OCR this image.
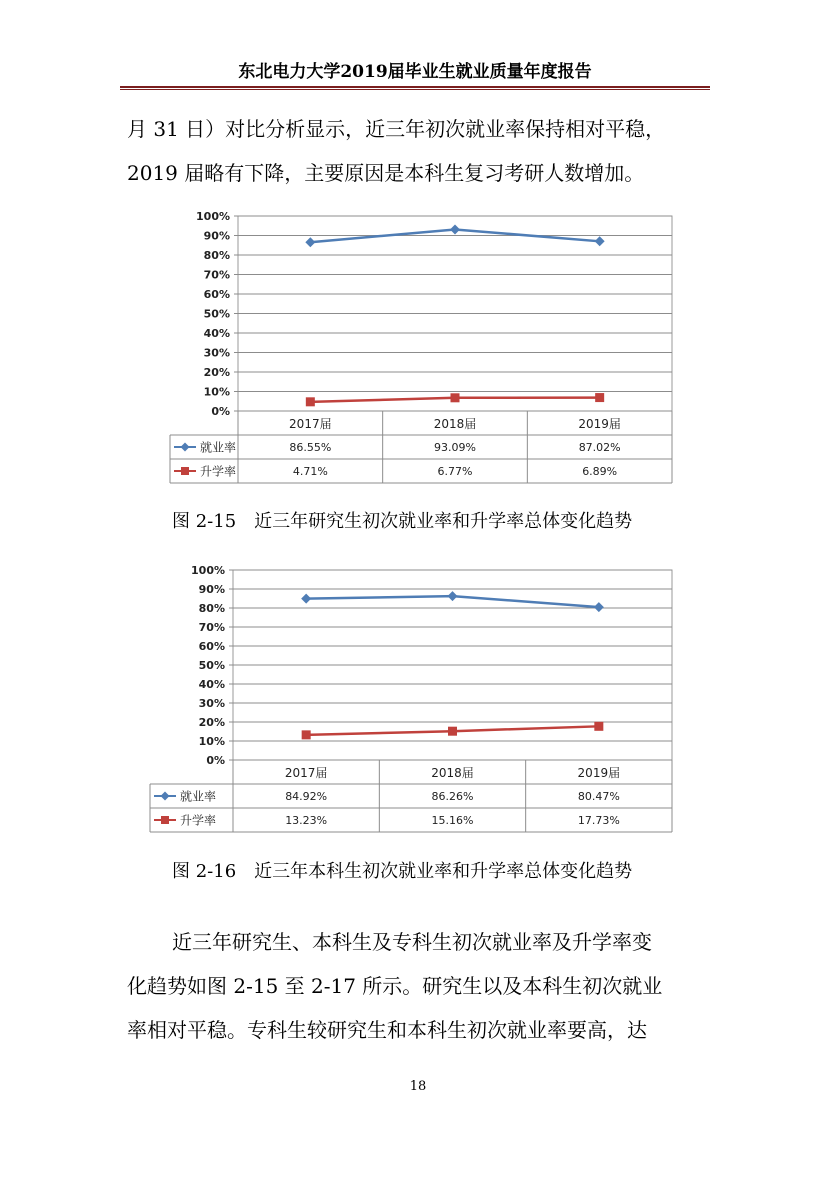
东北电力大学2019届毕业生就业质量年度报告
月 31 日）对比分析显示，近三年初次就业率保持相对平稳，
2019 届略有下降，主要原因是本科生复习考研人数增加。
0%
10%
20%
30%
40%
50%
60%
70%
80%
90%
100%
2017届	2018届	2019届
就业率	86.55%	93.09%	87.02%
升学率	4.71%	6.77%	6.89%
图 2-15　近三年研究生初次就业率和升学率总体变化趋势
0%
10%
20%
30%
40%
50%
60%
70%
80%
90%
100%
2017届	2018届	2019届
就业率	84.92%	86.26%	80.47%
升学率	13.23%	15.16%	17.73%
图 2-16　近三年本科生初次就业率和升学率总体变化趋势
近三年研究生、本科生及专科生初次就业率及升学率变
化趋势如图 2-15 至 2-17 所示。研究生以及本科生初次就业
率相对平稳。专科生较研究生和本科生初次就业率要高，达
18
